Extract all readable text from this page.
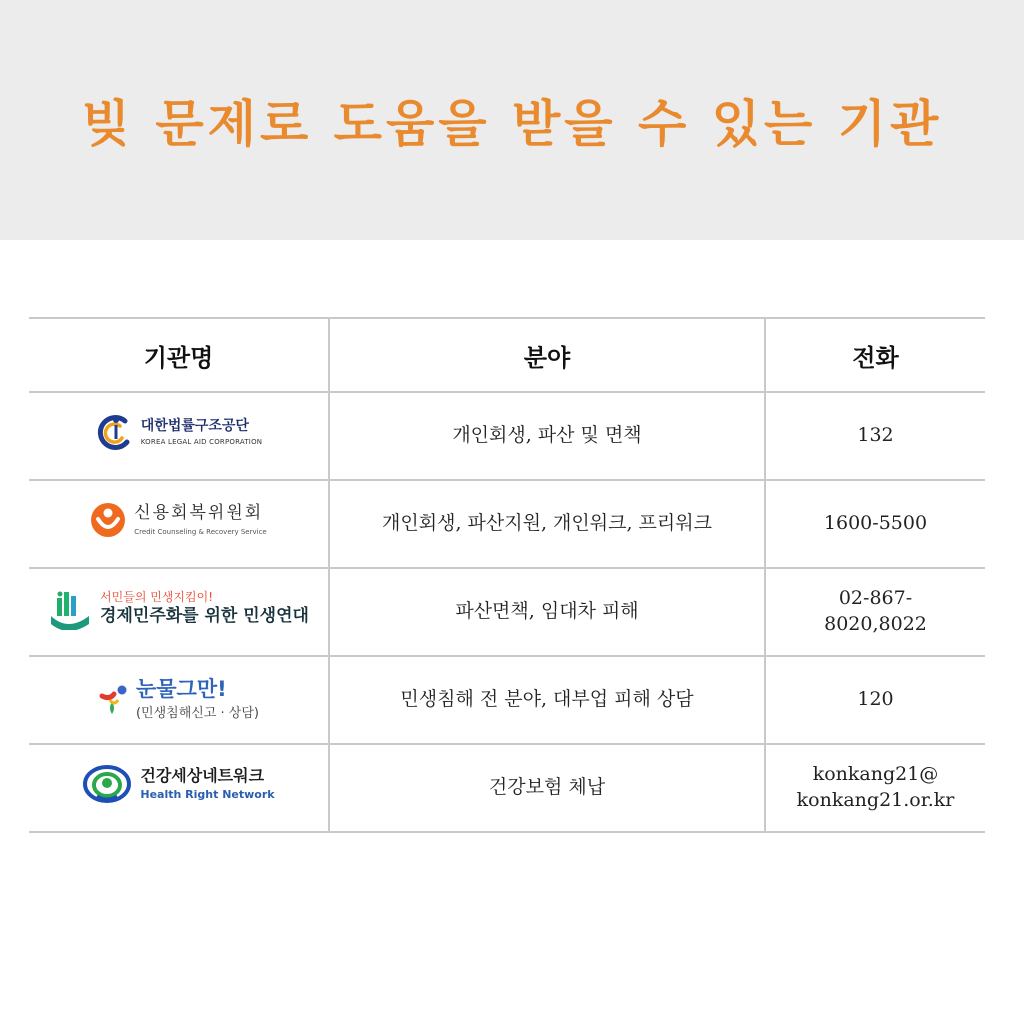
빚 문제로 도움을 받을 수 있는 기관
기관명	분야	전화

대한법률구조공단
KOREA LEGAL AID CORPORATION	개인회생, 파산 및 면책	132

신용회복위원회
Credit Counseling & Recovery Service	개인회생, 파산지원, 개인워크, 프리워크	1600-5500

서민들의 민생지킴이!
경제민주화를 위한 민생연대	파산면책, 임대차 피해	02-867-
8020,8022

눈물그만!
(민생침해신고 · 상담)	민생침해 전 분야, 대부업 피해 상담	120

건강세상네트워크
Health Right Network	건강보험 체납	konkang21@
konkang21.or.kr
